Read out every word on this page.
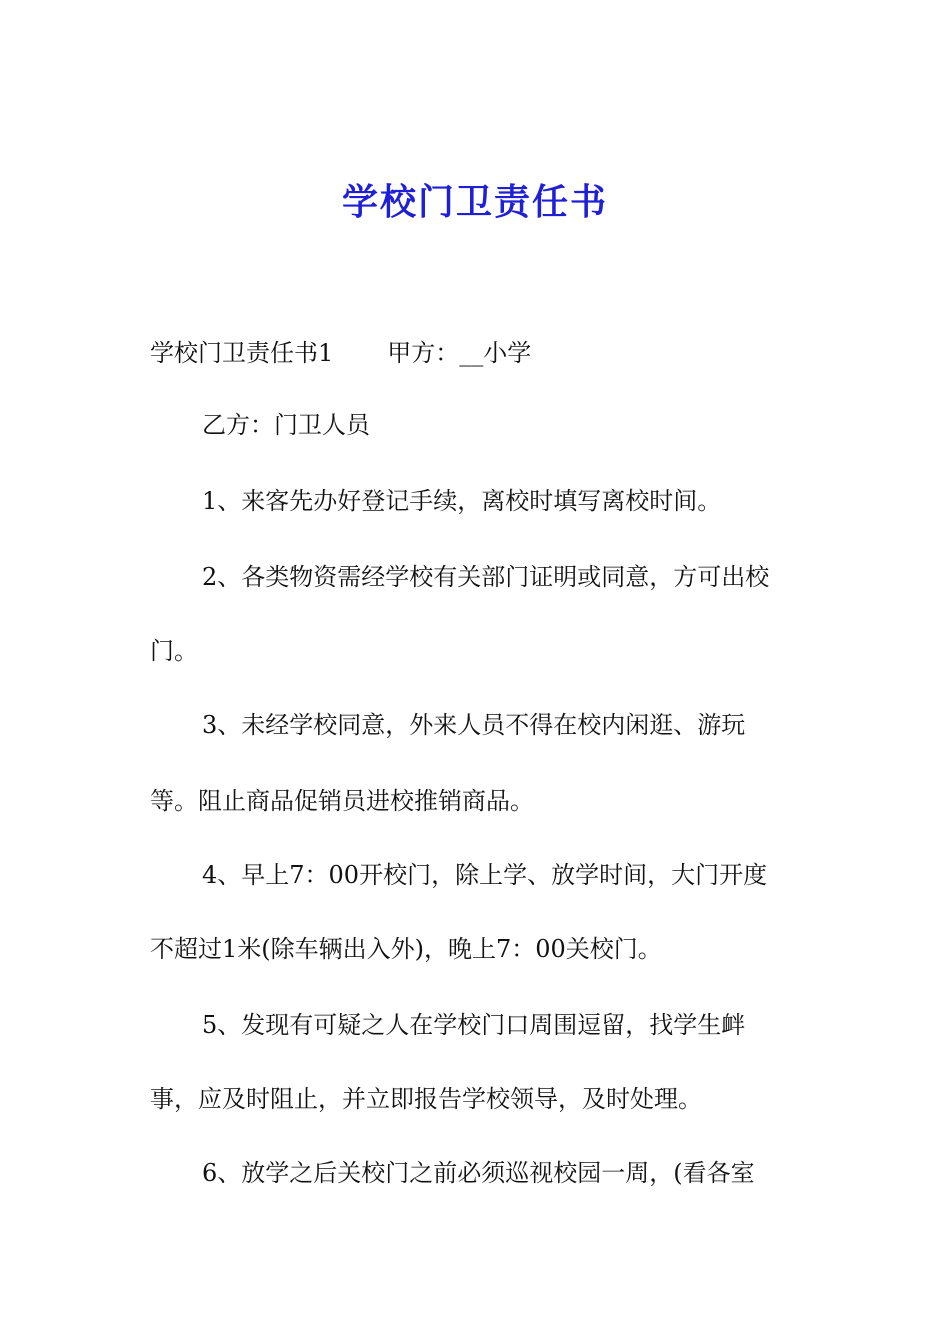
学校门卫责任书
学校门卫责任书1 甲方：__小学
乙方：门卫人员
1、来客先办好登记手续，离校时填写离校时间。
2、各类物资需经学校有关部门证明或同意，方可出校
门。
3、未经学校同意，外来人员不得在校内闲逛、游玩
等。阻止商品促销员进校推销商品。
4、早上7：00开校门，除上学、放学时间，大门开度
不超过1米(除车辆出入外)，晚上7：00关校门。
5、发现有可疑之人在学校门口周围逗留，找学生衅
事，应及时阻止，并立即报告学校领导，及时处理。
6、放学之后关校门之前必须巡视校园一周，(看各室
